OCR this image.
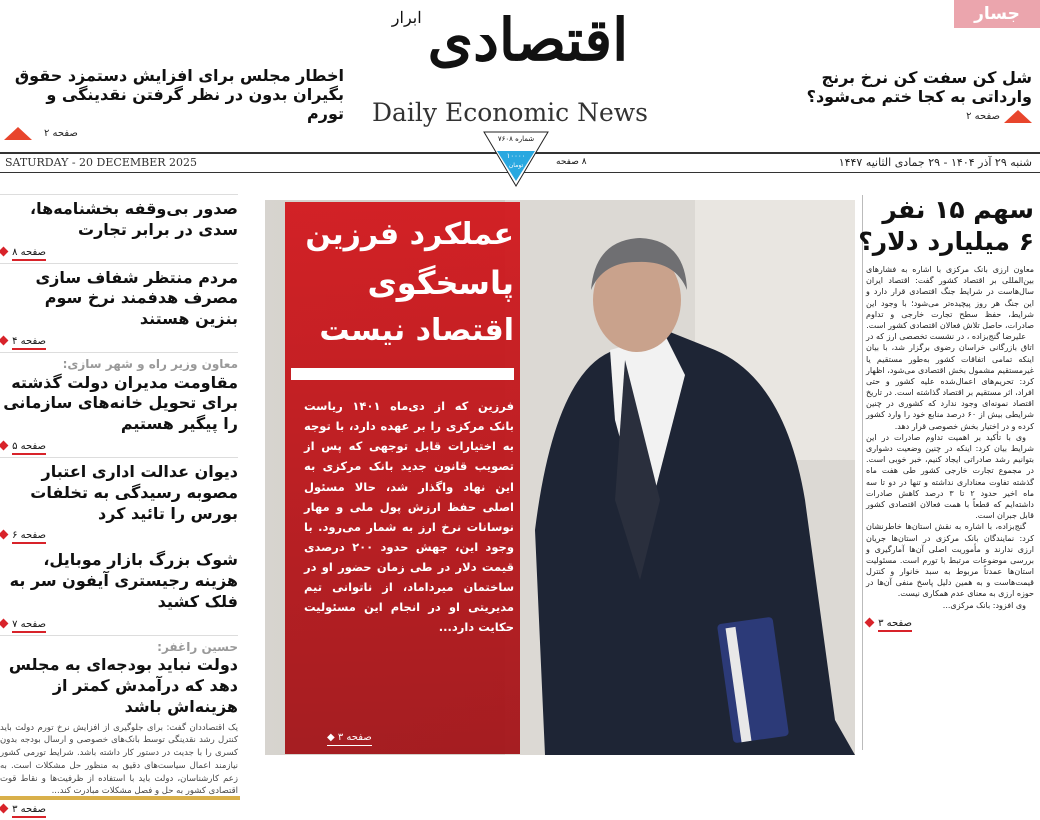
جسار
اقتصادی
ابرار
Daily Economic News
شل کن سفت کن نرخ برنج وارداتی به کجا ختم می‌شود؟
صفحه ۲
اخطار مجلس برای افزایش دستمزد حقوق بگیران بدون در نظر گرفتن نقدینگی و تورم
صفحه ۲
SATURDAY - 20 DECEMBER 2025	شنبه ۲۹ آذر ۱۴۰۴ - ۲۹ جمادی الثانیه ۱۴۴۷
۸ صفحه
شماره ۷۶۰۸
۱۰۰۰۰
تومان
صدور بی‌وقفه بخشنامه‌ها، سدی در برابر تجارت
صفحه ۸
مردم منتظر شفاف سازی مصرف هدفمند نرخ سوم بنزین هستند
صفحه ۴
معاون وزیر راه و شهر سازی:
مقاومت مدیران دولت گذشته برای تحویل خانه‌های سازمانی را پیگیر هستیم
صفحه ۵
دیوان عدالت اداری اعتبار مصوبه رسیدگی به تخلفات بورس را تائید کرد
صفحه ۶
شوک بزرگ بازار موبایل، هزینه رجیستری آیفون سر به فلک کشید
صفحه ۷
حسین راغفر:
دولت نباید بودجه‌ای به مجلس دهد که درآمدش کمتر از هزینه‌اش باشد
یک اقتصاددان گفت: برای جلوگیری از افزایش نرخ تورم دولت باید کنترل رشد نقدینگی توسط بانک‌های خصوصی و ارسال بودجه بدون کسری را با جدیت در دستور کار داشته باشد. شرایط تورمی کشور نیازمند اعمال سیاست‌های دقیق به منظور حل مشکلات است. به زعم کارشناسان، دولت باید با استفاده از ظرفیت‌ها و نقاط قوت اقتصادی کشور به حل و فصل مشکلات مبادرت کند...
صفحه ۳
عملکرد فرزین
پاسخگوی
اقتصاد نیست
فرزین که از دی‌ماه ۱۴۰۱ ریاست بانک مرکزی را بر عهده دارد، با توجه به اختیارات قابل توجهی که پس از تصویب قانون جدید بانک مرکزی به این نهاد واگذار شد، حالا مسئول اصلی حفظ ارزش پول ملی و مهار نوسانات نرخ ارز به شمار می‌رود. با وجود این، جهش حدود ۲۰۰ درصدی قیمت دلار در طی زمان حضور او در ساختمان میرداماد، از ناتوانی تیم مدیریتی او در انجام این مسئولیت حکایت دارد...
صفحه ۳ ◆
سهم ۱۵ نفر
۶ میلیارد دلار؟

معاون ارزی بانک مرکزی با اشاره به فشارهای بین‌المللی بر اقتصاد کشور گفت: اقتصاد ایران سال‌هاست در شرایط جنگ اقتصادی قرار دارد و این جنگ هر روز پیچیده‌تر می‌شود؛ با وجود این شرایط، حفظ سطح تجارت خارجی و تداوم صادرات، حاصل تلاش فعالان اقتصادی کشور است.

علیرضا گنج‌بزاده ، در نشست تخصصی ارز که در اتاق بازرگانی خراسان رضوی برگزار شد، با بیان اینکه تمامی اتفاقات کشور به‌طور مستقیم یا غیرمستقیم مشمول بخش اقتصادی می‌شود، اظهار کرد: تحریم‌های اعمال‌شده علیه کشور و حتی افراد، اثر مستقیم بر اقتصاد گذاشته است. در تاریخ اقتصاد نمونه‌ای وجود ندارد که کشوری در چنین شرایطی بیش از ۶۰ درصد منابع خود را وارد کشور کرده و در اختیار بخش خصوصی قرار دهد.

وی با تأکید بر اهمیت تداوم صادرات در این شرایط بیان کرد: اینکه در چنین وضعیت دشواری بتوانیم رشد صادراتی ایجاد کنیم، خبر خوبی است. در مجموع تجارت خارجی کشور طی هفت ماه گذشته تفاوت معناداری نداشته و تنها در دو تا سه ماه اخیر حدود ۲ تا ۳ درصد کاهش صادرات داشته‌ایم که قطعاً با همت فعالان اقتصادی کشور قابل جبران است.

گنج‌بزاده، با اشاره به نقش استان‌ها خاطرنشان کرد: نمایندگان بانک مرکزی در استان‌ها جریان ارزی ندارند و مأموریت اصلی آن‌ها آمارگیری و بررسی موضوعات مرتبط با تورم است. مسئولیت استان‌ها عمدتاً مربوط به سبد خانوار و کنترل قیمت‌هاست و به همین دلیل پاسخ منفی آن‌ها در حوزه ارزی به معنای عدم همکاری نیست.

وی افزود: بانک مرکزی...

صفحه ۳
